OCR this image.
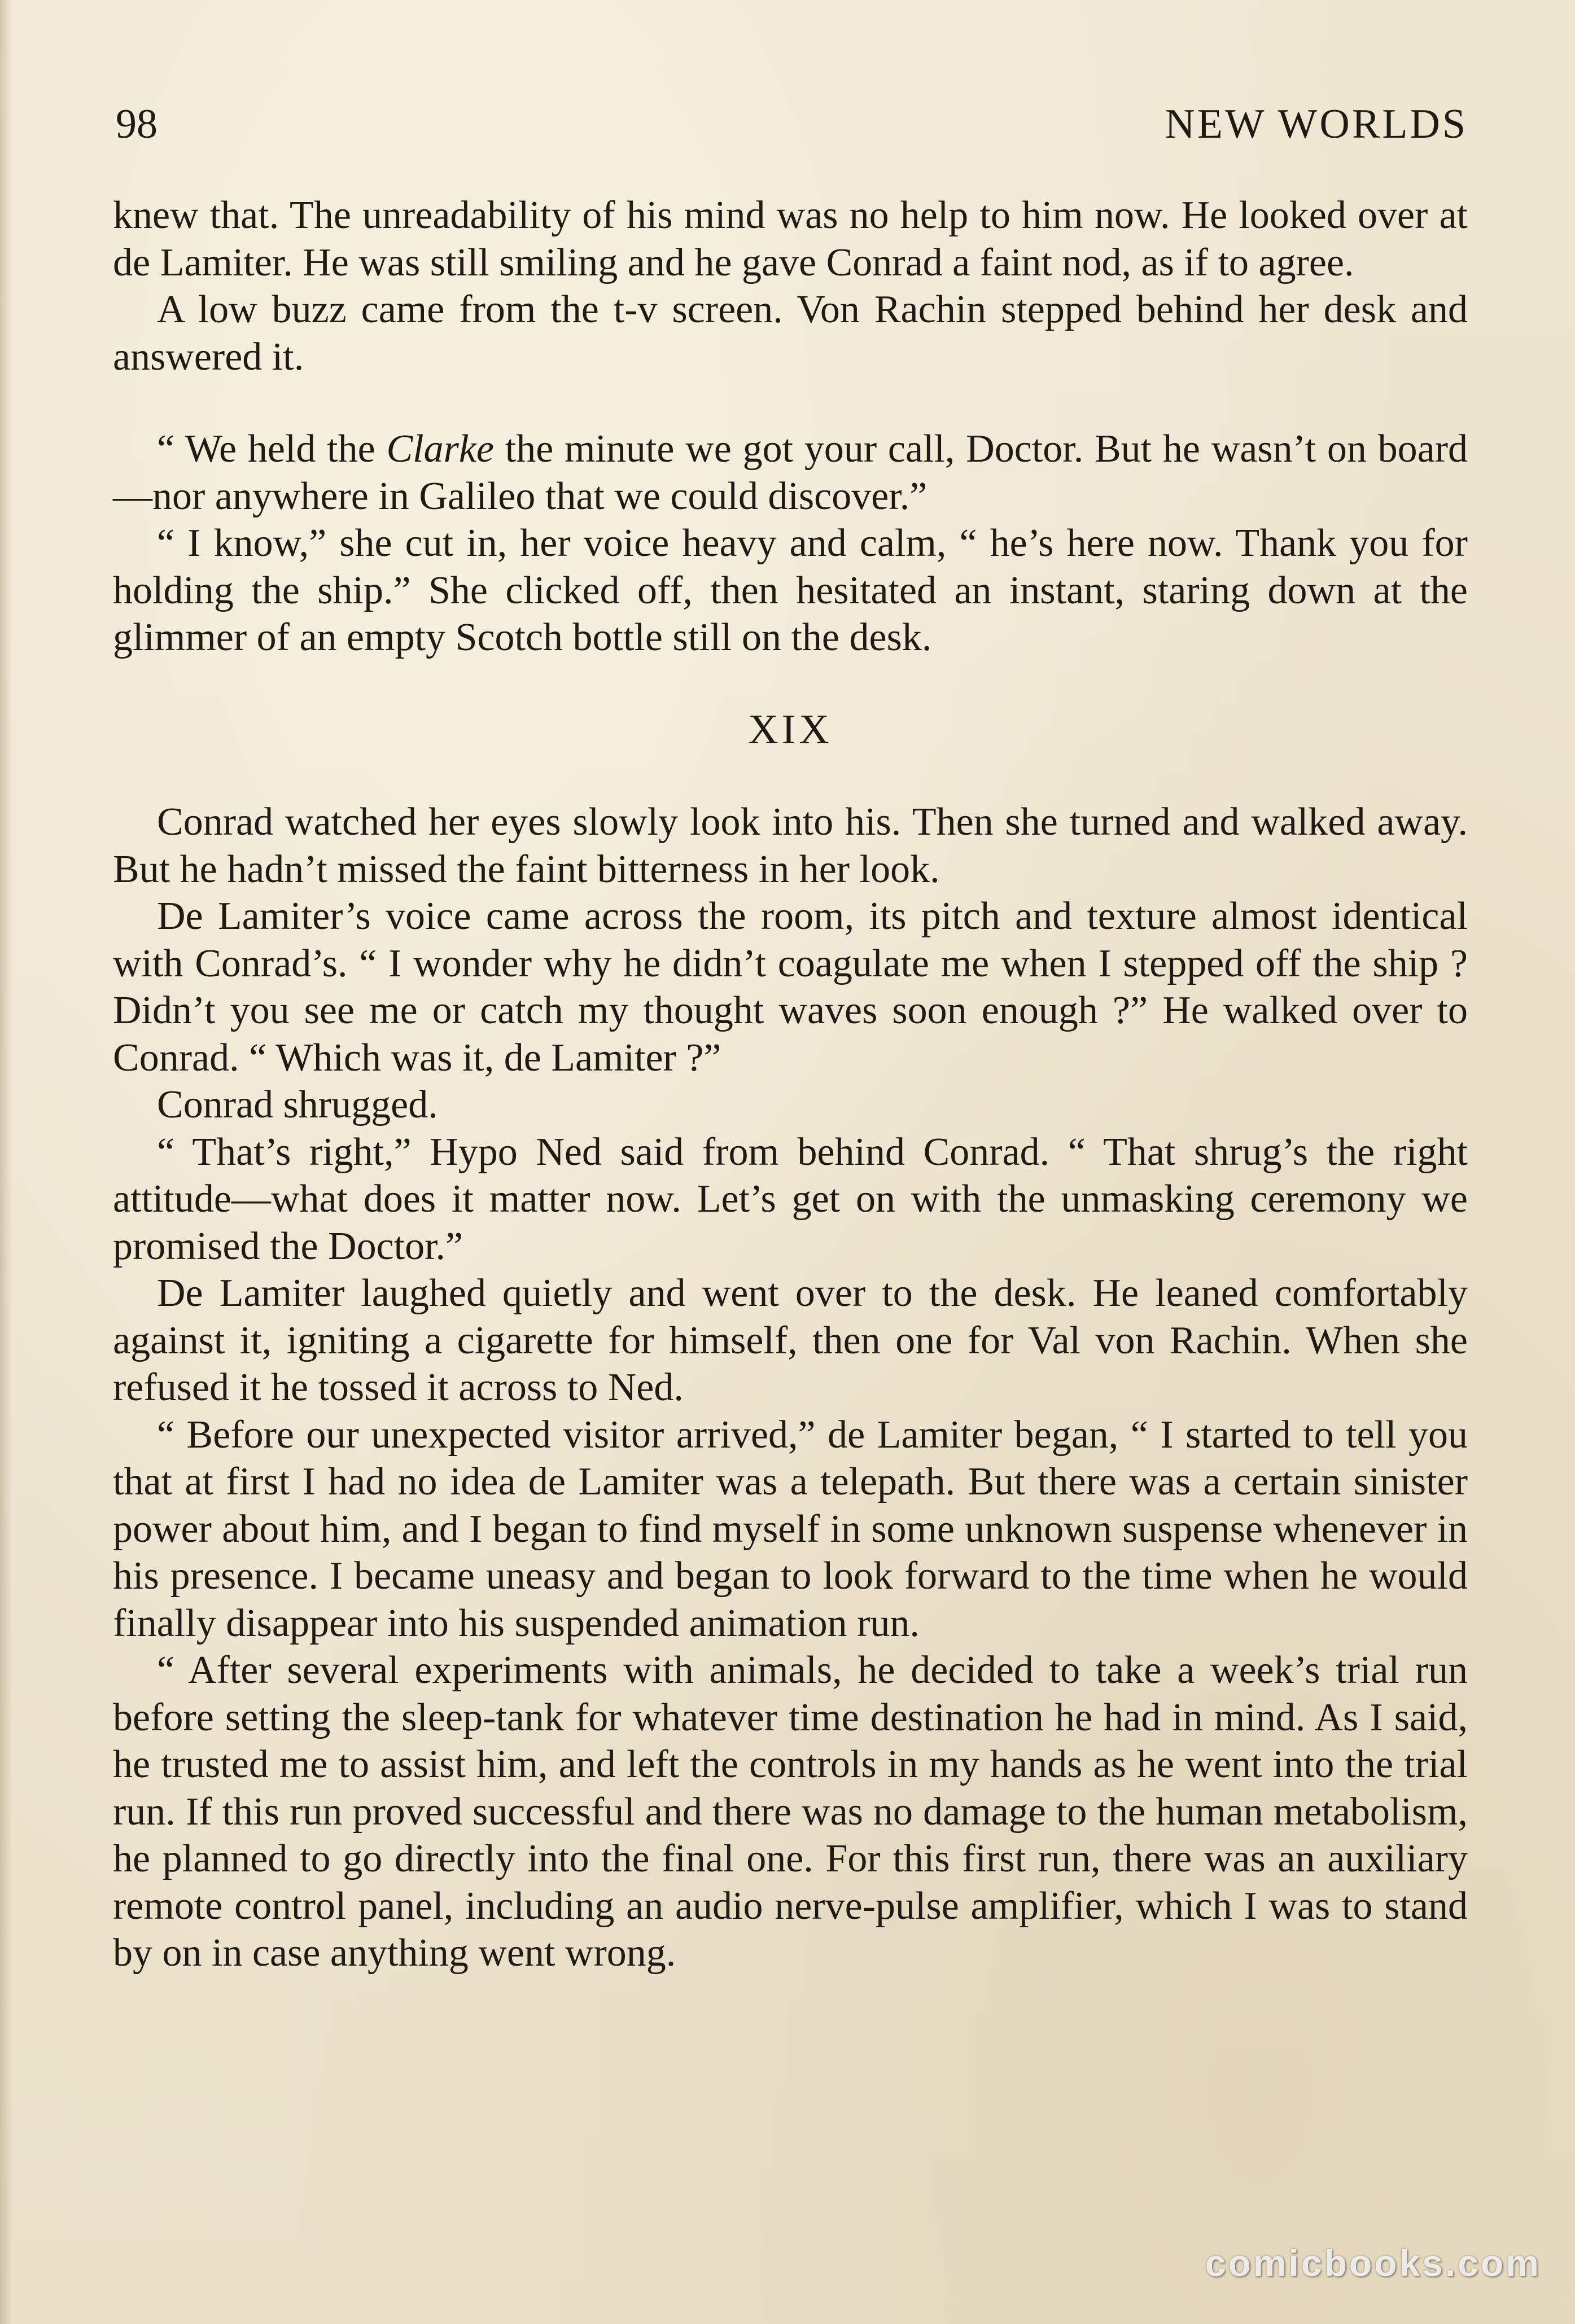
98	NEW WORLDS

knew that. The unreadability of his mind was no help to him now. He looked over at de Lamiter. He was still smiling and he gave Conrad a faint nod, as if to agree.

A low buzz came from the t-v screen. Von Rachin stepped behind her desk and answered it.

“ We held the Clarke the minute we got your call, Doctor. But he wasn’t on board—nor anywhere in Galileo that we could discover.”

“ I know,” she cut in, her voice heavy and calm, “ he’s here now. Thank you for holding the ship.” She clicked off, then hesitated an instant, staring down at the glimmer of an empty Scotch bottle still on the desk.

XIX

Conrad watched her eyes slowly look into his. Then she turned and walked away. But he hadn’t missed the faint bitterness in her look.

De Lamiter’s voice came across the room, its pitch and texture almost identical with Conrad’s. “ I wonder why he didn’t coagulate me when I stepped off the ship ? Didn’t you see me or catch my thought waves soon enough ?” He walked over to Conrad. “ Which was it, de Lamiter ?”

Conrad shrugged.

“ That’s right,” Hypo Ned said from behind Conrad. “ That shrug’s the right attitude—what does it matter now. Let’s get on with the unmasking ceremony we promised the Doctor.”

De Lamiter laughed quietly and went over to the desk. He leaned comfortably against it, igniting a cigarette for himself, then one for Val von Rachin. When she refused it he tossed it across to Ned.

“ Before our unexpected visitor arrived,” de Lamiter began, “ I started to tell you that at first I had no idea de Lamiter was a telepath. But there was a certain sinister power about him, and I began to find myself in some unknown suspense whenever in his presence. I became uneasy and began to look forward to the time when he would finally disappear into his suspended animation run.

“ After several experiments with animals, he decided to take a week’s trial run before setting the sleep-tank for whatever time destination he had in mind. As I said, he trusted me to assist him, and left the controls in my hands as he went into the trial run. If this run proved successful and there was no damage to the human metabolism, he planned to go directly into the final one. For this first run, there was an auxiliary remote control panel, including an audio nerve-pulse amplifier, which I was to stand by on in case anything went wrong.

comicbooks.com
